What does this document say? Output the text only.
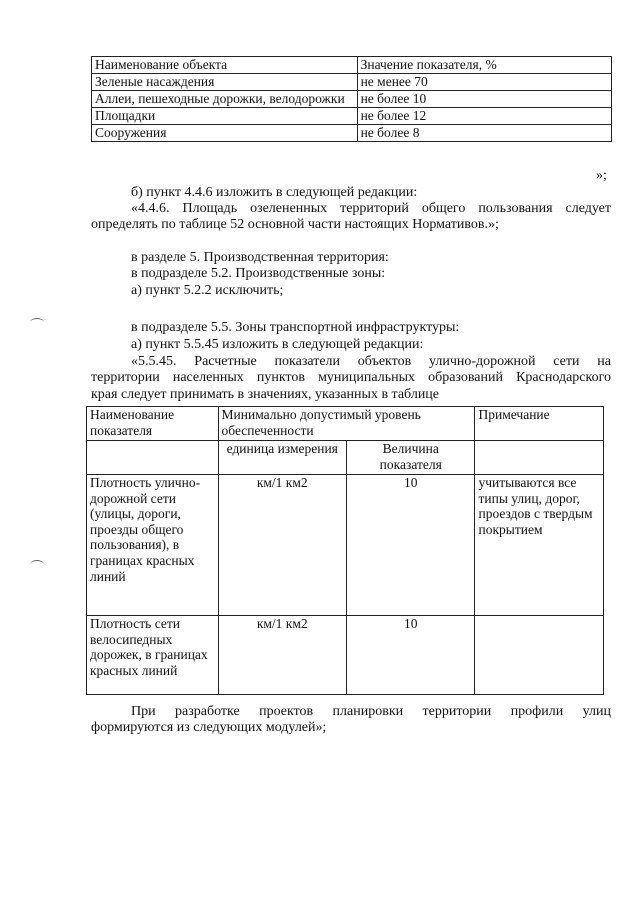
Наименование объекта	Значение показателя, %
Зеленые насаждения	не менее 70
Аллеи, пешеходные дорожки, велодорожки	не более 10
Площадки	не более 12
Сооружения	не более 8
»;
б) пункт 4.4.6 изложить в следующей редакции:
«4.4.6. Площадь озелененных территорий общего пользования следует
определять по таблице 52 основной части настоящих Нормативов.»;
в разделе 5. Производственная территория:
в подразделе 5.2. Производственные зоны:
а) пункт 5.2.2 исключить;
в подразделе 5.5. Зоны транспортной инфраструктуры:
а) пункт 5.5.45 изложить в следующей редакции:
«5.5.45. Расчетные показатели объектов улично-дорожной сети на
территории населенных пунктов муниципальных образований Краснодарского
края следует принимать в значениях, указанных в таблице
Наименование показателя	Минимально допустимый уровень обеспеченности		Примечание
	единица измерения	Величина показателя	
Плотность улично-дорожной сети (улицы, дороги, проезды общего пользования), в границах красных линий	км/1 км2	10	учитываются все типы улиц, дорог, проездов с твердым покрытием
Плотность сети велосипедных дорожек, в границах красных линий	км/1 км2	10	
При разработке проектов планировки территории профили улиц
формируются из следующих модулей»;
